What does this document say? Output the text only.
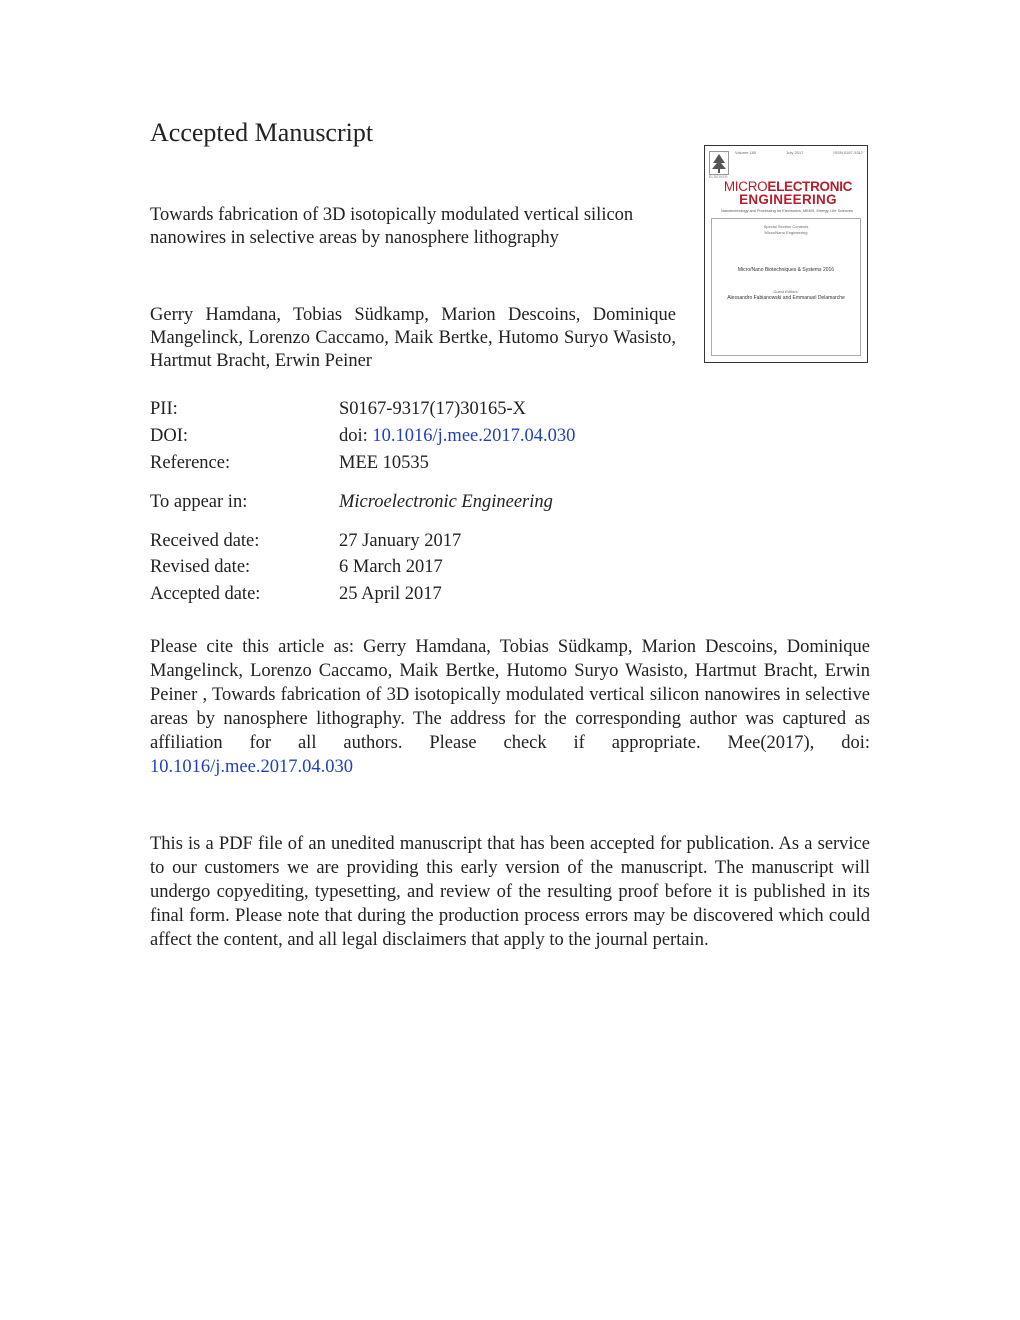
Accepted Manuscript
Towards fabrication of 3D isotopically modulated vertical silicon nanowires in selective areas by nanosphere lithography
Gerry Hamdana, Tobias Südkamp, Marion Descoins, Dominique Mangelinck, Lorenzo Caccamo, Maik Bertke, Hutomo Suryo Wasisto, Hartmut Bracht, Erwin Peiner
PII:	S0167-9317(17)30165-X
DOI:	doi: 10.1016/j.mee.2017.04.030
Reference:	MEE 10535
To appear in:	Microelectronic Engineering
Received date:	27 January 2017
Revised date:	6 March 2017
Accepted date:	25 April 2017
Please cite this article as: Gerry Hamdana, Tobias Südkamp, Marion Descoins, Dominique Mangelinck, Lorenzo Caccamo, Maik Bertke, Hutomo Suryo Wasisto, Hartmut Bracht, Erwin Peiner , Towards fabrication of 3D isotopically modulated vertical silicon nanowires in selective areas by nanosphere lithography. The address for the corresponding author was captured as affiliation for all authors. Please check if appropriate. Mee(2017), doi: 10.1016/j.mee.2017.04.030
This is a PDF file of an unedited manuscript that has been accepted for publication. As a service to our customers we are providing this early version of the manuscript. The manuscript will undergo copyediting, typesetting, and review of the resulting proof before it is published in its final form. Please note that during the production process errors may be discovered which could affect the content, and all legal disclaimers that apply to the journal pertain.
ELSEVIER
Volume 180	July 2017	ISSN 0167-9317
MICROELECTRONIC
ENGINEERING
Nanotechnology and Processing for Electronics, MEMS, Energy, Life Sciences
Special Section Contents
Micro/Nano Engineering
Micro/Nano Biotechniques & Systems 2016
Guest Editors:
Alessandro Fabianowski and Emmanuel Delamarche
